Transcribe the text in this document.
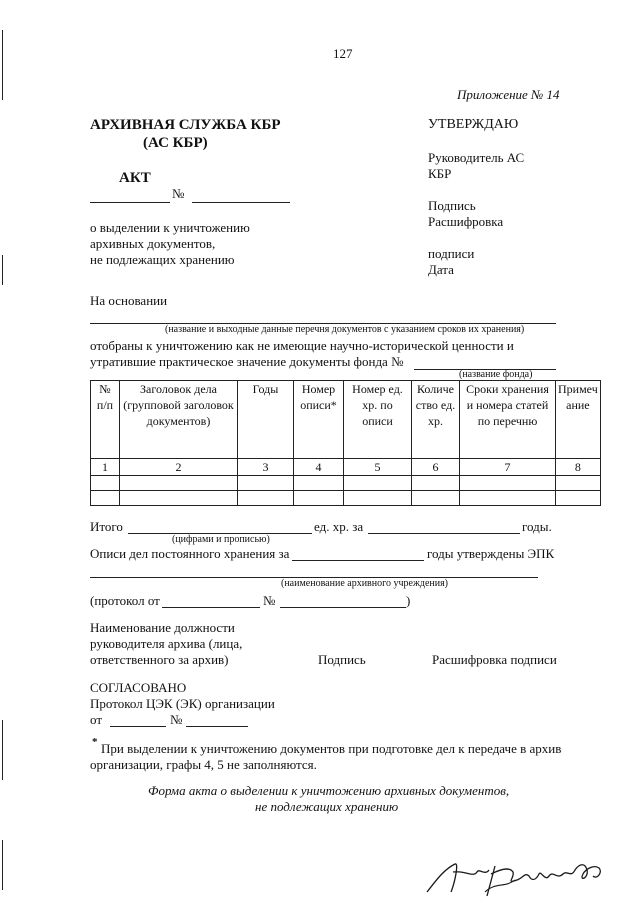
127
Приложение № 14
АРХИВНАЯ СЛУЖБА КБР
(АС КБР)
УТВЕРЖДАЮ
Руководитель АС
КБР
Подпись
Расшифровка
подписи
Дата
АКТ
№
о выделении к уничтожению
архивных документов,
не подлежащих хранению
На основании
(название и выходные данные перечня документов с указанием сроков их хранения)
отобраны к уничтожению как не имеющие научно-исторической ценности и
утратившие практическое значение документы фонда №
(название фонда)
№ п/п	Заголовок дела (групповой заголовок документов)	Годы	Номер описи*	Номер ед. хр. по описи	Количе ство ед. хр.	Сроки хранения и номера статей по перечню	Примеч ание
1	2	3	4	5	6	7	8

Итого	ед. хр. за	годы.
(цифрами и прописью)
Описи дел постоянного хранения за	годы утверждены ЭПК
(наименование архивного учреждения)
(протокол от	№	)
Наименование должности
руководителя архива (лица,
ответственного за архив)	Подпись	Расшифровка подписи
СОГЛАСОВАНО
Протокол ЦЭК (ЭК) организации
от	№
* При выделении к уничтожению документов при подготовке дел к передаче в архив
организации, графы 4, 5 не заполняются.
Форма акта о выделении к уничтожению архивных документов,
не подлежащих хранению
